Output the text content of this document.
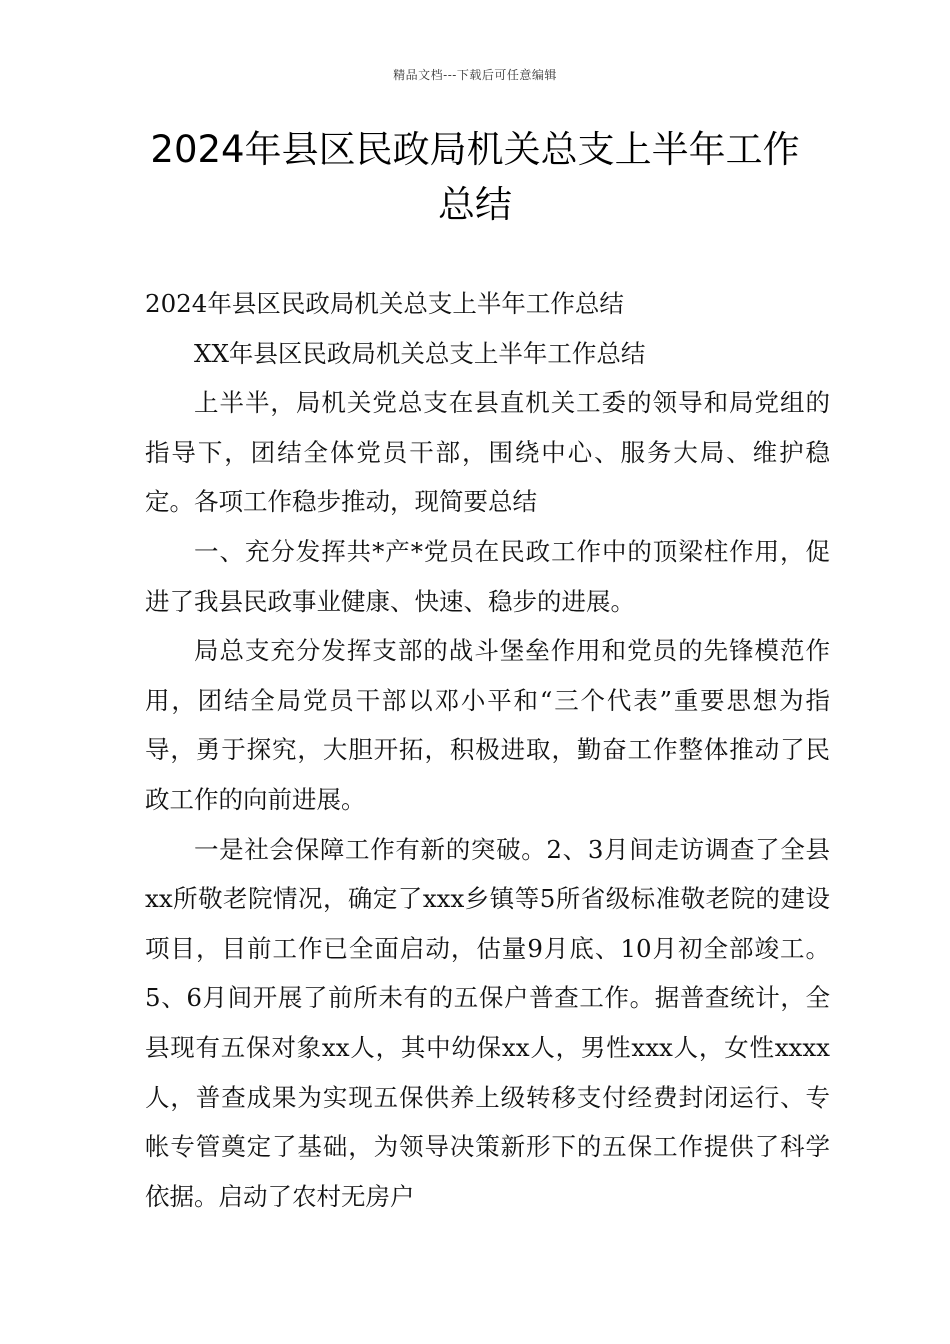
精品文档---下载后可任意编辑
2024年县区民政局机关总支上半年工作
总结

2024年县区民政局机关总支上半年工作总结

XX年县区民政局机关总支上半年工作总结

上半半，局机关党总支在县直机关工委的领导和局党组的指导下，团结全体党员干部，围绕中心、服务大局、维护稳定。各项工作稳步推动，现简要总结

一、充分发挥共*产*党员在民政工作中的顶梁柱作用，促进了我县民政事业健康、快速、稳步的进展。

局总支充分发挥支部的战斗堡垒作用和党员的先锋模范作用，团结全局党员干部以邓小平和“三个代表”重要思想为指导，勇于探究，大胆开拓，积极进取，勤奋工作整体推动了民政工作的向前进展。

一是社会保障工作有新的突破。2、3月间走访调查了全县xx所敬老院情况，确定了xxx乡镇等5所省级标准敬老院的建设项目，目前工作已全面启动，估量9月底、10月初全部竣工。5、6月间开展了前所未有的五保户普查工作。据普查统计，全县现有五保对象xx人，其中幼保xx人，男性xxx人，女性xxxx人，普查成果为实现五保供养上级转移支付经费封闭运行、专帐专管奠定了基础，为领导决策新形下的五保工作提供了科学依据。启动了农村无房户
